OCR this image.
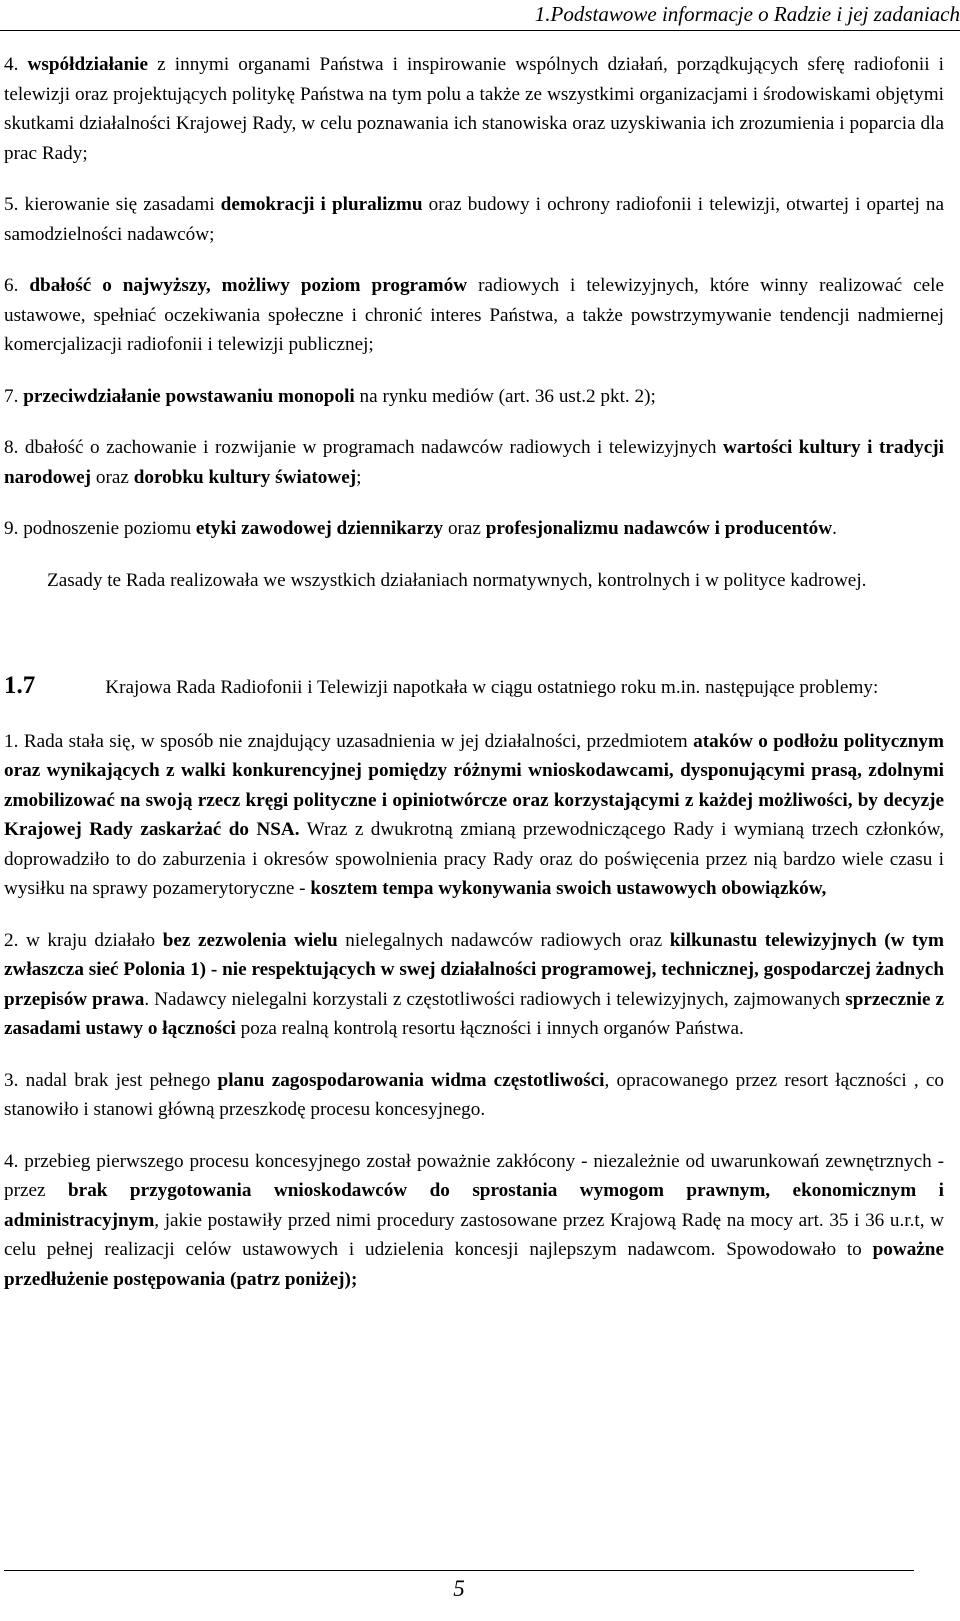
1.Podstawowe informacje o Radzie i jej zadaniach

4. współdziałanie z innymi organami Państwa i inspirowanie wspólnych działań, porządkujących sferę radiofonii i telewizji oraz projektujących politykę Państwa na tym polu a także ze wszystkimi organizacjami i środowiskami objętymi skutkami działalności Krajowej Rady, w celu poznawania ich stanowiska oraz uzyskiwania ich zrozumienia i poparcia dla prac Rady;

5. kierowanie się zasadami demokracji i pluralizmu oraz budowy i ochrony radiofonii i telewizji, otwartej i opartej na samodzielności nadawców;

6. dbałość o najwyższy, możliwy poziom programów radiowych i telewizyjnych, które winny realizować cele ustawowe, spełniać oczekiwania społeczne i chronić interes Państwa, a także powstrzymywanie tendencji nadmiernej komercjalizacji radiofonii i telewizji publicznej;

7. przeciwdziałanie powstawaniu monopoli na rynku mediów (art. 36 ust.2 pkt. 2);

8. dbałość o zachowanie i rozwijanie w programach nadawców radiowych i telewizyjnych wartości kultury i tradycji narodowej oraz dorobku kultury światowej;

9. podnoszenie poziomu etyki zawodowej dziennikarzy oraz profesjonalizmu nadawców i producentów.

Zasady te Rada realizowała we wszystkich działaniach normatywnych, kontrolnych i w polityce kadrowej.

1.7	Krajowa Rada Radiofonii i Telewizji napotkała w ciągu ostatniego roku m.in. następujące problemy:

1. Rada stała się, w sposób nie znajdujący uzasadnienia w jej działalności, przedmiotem ataków o podłożu politycznym oraz wynikających z walki konkurencyjnej pomiędzy różnymi wnioskodawcami, dysponującymi prasą, zdolnymi zmobilizować na swoją rzecz kręgi polityczne i opiniotwórcze oraz korzystającymi z każdej możliwości, by decyzje Krajowej Rady zaskarżać do NSA. Wraz z dwukrotną zmianą przewodniczącego Rady i wymianą trzech członków, doprowadziło to do zaburzenia i okresów spowolnienia pracy Rady oraz do poświęcenia przez nią bardzo wiele czasu i wysiłku na sprawy pozamerytoryczne - kosztem tempa wykonywania swoich ustawowych obowiązków,

2. w kraju działało bez zezwolenia wielu nielegalnych nadawców radiowych oraz kilkunastu telewizyjnych (w tym zwłaszcza sieć Polonia 1) - nie respektujących w swej działalności programowej, technicznej, gospodarczej żadnych przepisów prawa. Nadawcy nielegalni korzystali z częstotliwości radiowych i telewizyjnych, zajmowanych sprzecznie z zasadami ustawy o łączności poza realną kontrolą resortu łączności i innych organów Państwa.

3. nadal brak jest pełnego planu zagospodarowania widma częstotliwości, opracowanego przez resort łączności , co stanowiło i stanowi główną przeszkodę procesu koncesyjnego.

4. przebieg pierwszego procesu koncesyjnego został poważnie zakłócony - niezależnie od uwarunkowań zewnętrznych - przez brak przygotowania wnioskodawców do sprostania wymogom prawnym, ekonomicznym i administracyjnym, jakie postawiły przed nimi procedury zastosowane przez Krajową Radę na mocy art. 35 i 36 u.r.t, w celu pełnej realizacji celów ustawowych i udzielenia koncesji najlepszym nadawcom. Spowodowało to poważne przedłużenie postępowania (patrz poniżej);

5
